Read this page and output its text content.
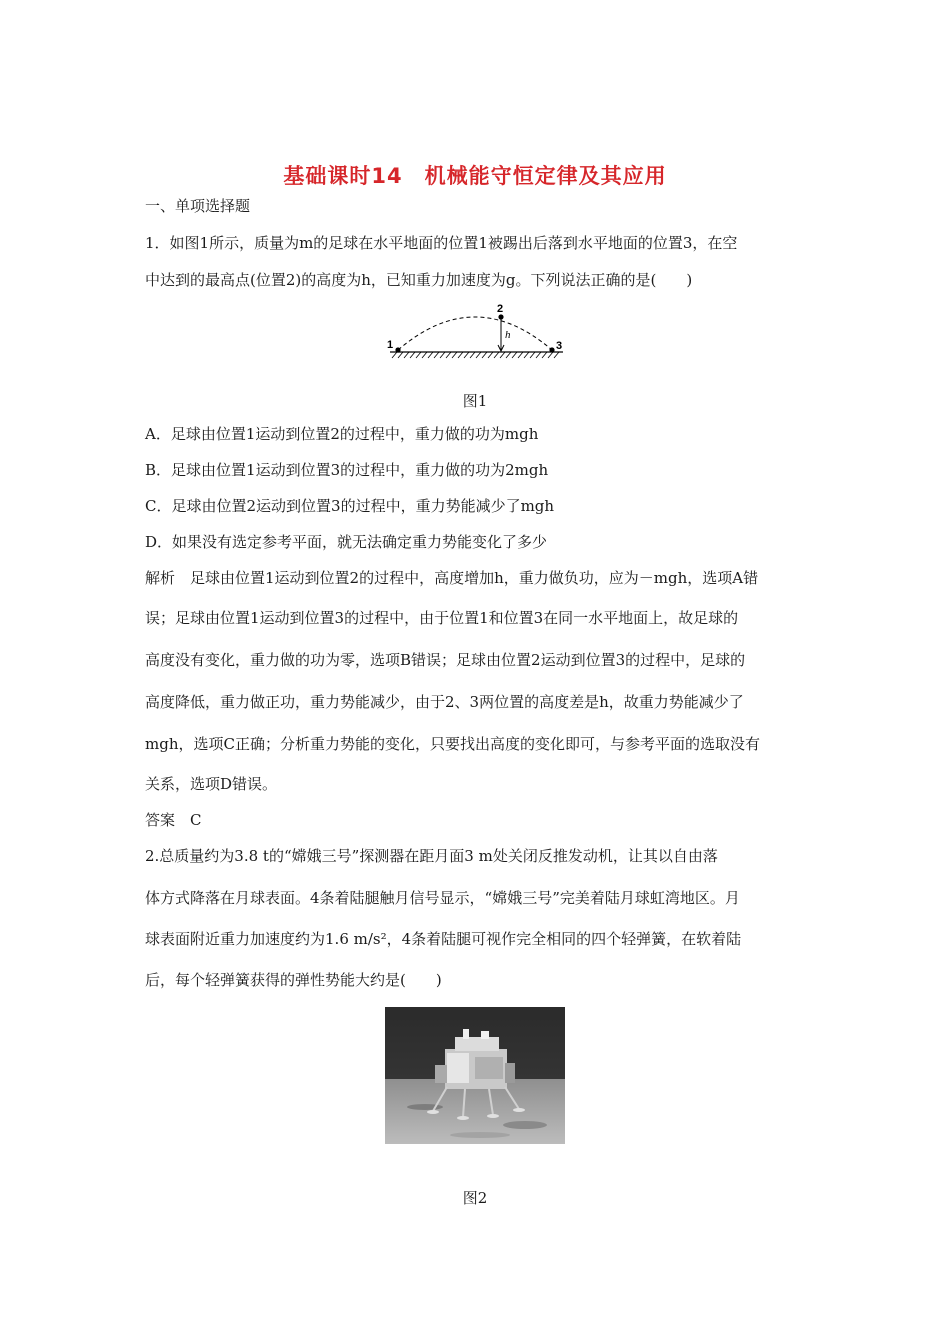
基础课时14　机械能守恒定律及其应用
一、单项选择题
1．如图1所示，质量为m的足球在水平地面的位置1被踢出后落到水平地面的位置3，在空
中达到的最高点(位置2)的高度为h，已知重力加速度为g。下列说法正确的是(　　)
1
2
3
h
图1
A．足球由位置1运动到位置2的过程中，重力做的功为mgh
B．足球由位置1运动到位置3的过程中，重力做的功为2mgh
C．足球由位置2运动到位置3的过程中，重力势能减少了mgh
D．如果没有选定参考平面，就无法确定重力势能变化了多少
解析　足球由位置1运动到位置2的过程中，高度增加h，重力做负功，应为－mgh，选项A错
误；足球由位置1运动到位置3的过程中，由于位置1和位置3在同一水平地面上，故足球的
高度没有变化，重力做的功为零，选项B错误；足球由位置2运动到位置3的过程中，足球的
高度降低，重力做正功，重力势能减少，由于2、3两位置的高度差是h，故重力势能减少了
mgh，选项C正确；分析重力势能的变化，只要找出高度的变化即可，与参考平面的选取没有
关系，选项D错误。
答案　C
2.总质量约为3.8 t的“嫦娥三号”探测器在距月面3 m处关闭反推发动机，让其以自由落
体方式降落在月球表面。4条着陆腿触月信号显示，“嫦娥三号”完美着陆月球虹湾地区。月
球表面附近重力加速度约为1.6 m/s²，4条着陆腿可视作完全相同的四个轻弹簧，在软着陆
后，每个轻弹簧获得的弹性势能大约是(　　)
图2
